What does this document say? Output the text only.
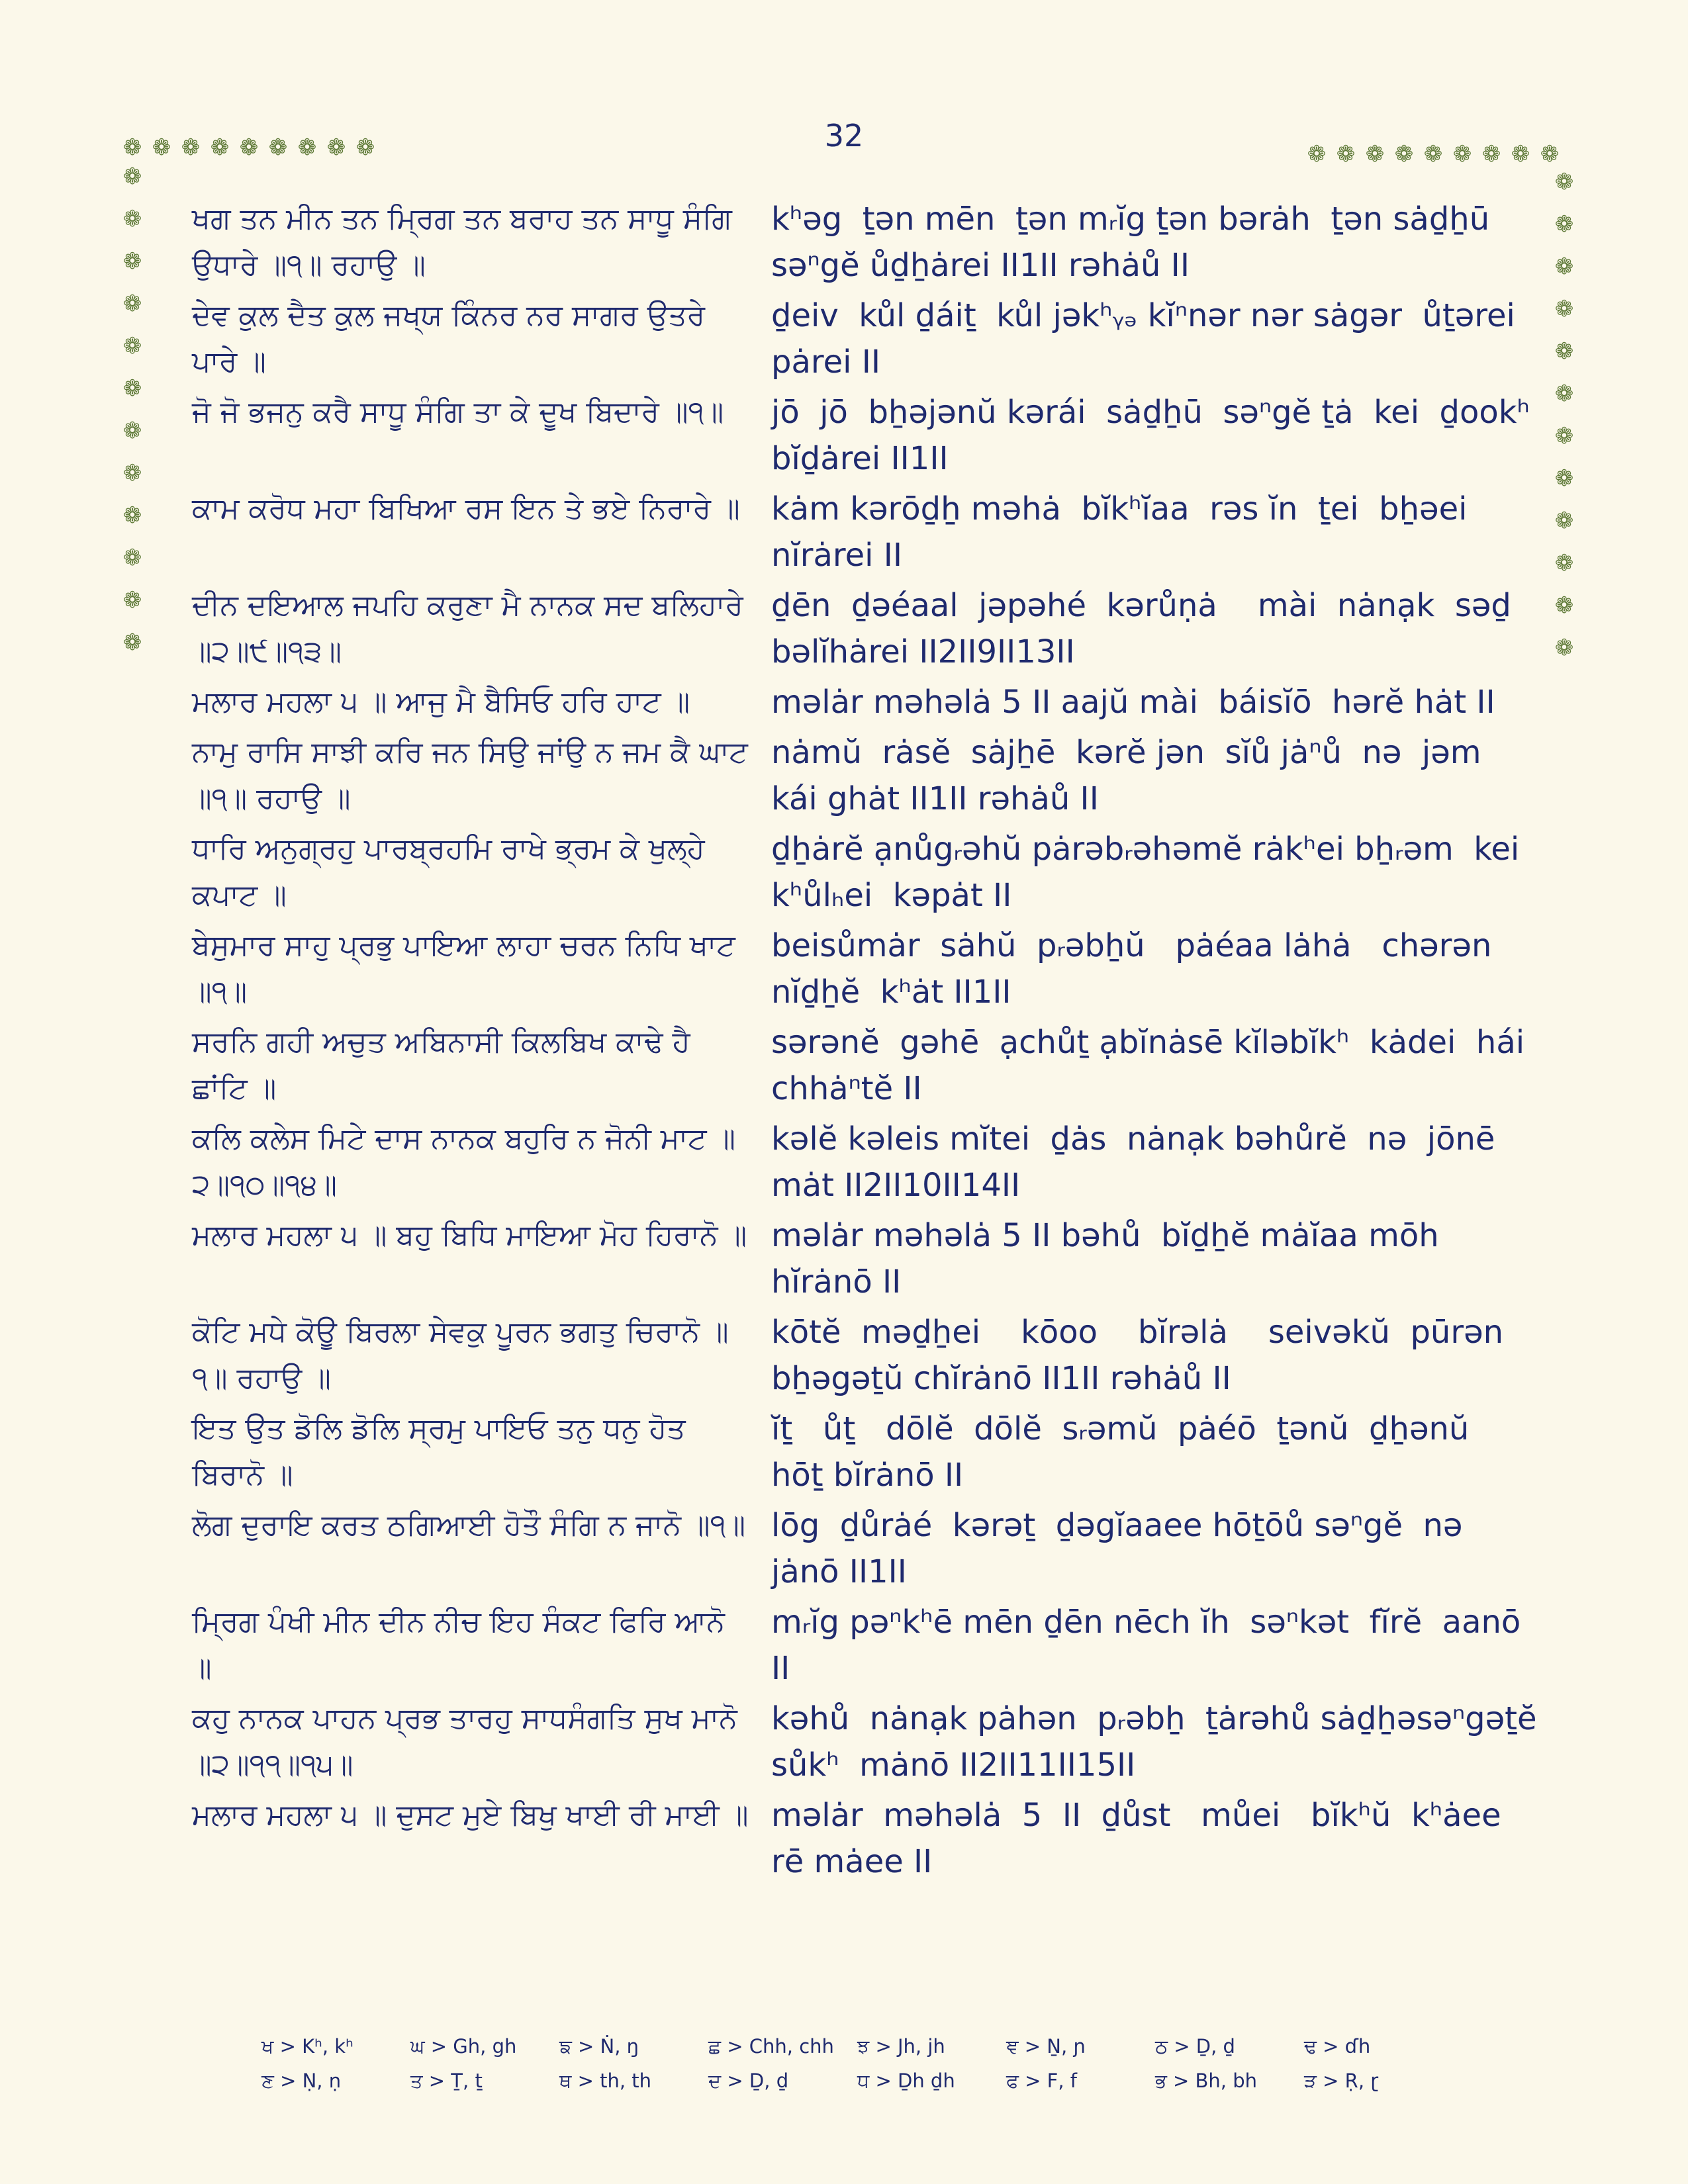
32
❁ ❁ ❁ ❁ ❁ ❁ ❁ ❁ ❁
❁
❁
❁
❁
❁
❁
❁
❁
❁
❁
❁
❁
❁ ❁ ❁ ❁ ❁ ❁ ❁ ❁ ❁
❁
❁
❁
❁
❁
❁
❁
❁
❁
❁
❁
❁
ਖਗ ਤਨ ਮੀਨ ਤਨ ਮ੍ਰਿਗ ਤਨ ਬਰਾਹ ਤਨ ਸਾਧੂ ਸੰਗਿ ਉਧਾਰੇ ॥੧॥ ਰਹਾਉ ॥
kʰəg  ṯən mēn  ṯən mᵣĭg ṯən bərȧh  ṯən sȧḏẖū səⁿgĕ ůḏẖȧrei II1II rəhȧů II
ਦੇਵ ਕੁਲ ਦੈਤ ਕੁਲ ਜਖ੍ਯ ਕਿੰਨਰ ਨਰ ਸਾਗਰ ਉਤਰੇ ਪਾਰੇ ॥
ḏeiv  kůl ḏáiṯ  kůl jəkʰᵧₔ kĭⁿnər nər sȧgər  ůṯərei pȧrei II
ਜੋ ਜੋ ਭਜਨੁ ਕਰੈ ਸਾਧੂ ਸੰਗਿ ਤਾ ਕੇ ਦੂਖ ਬਿਦਾਰੇ ॥੧॥	jō  jō  bẖəjənŭ kərái  sȧḏẖū  səⁿgĕ ṯȧ  kei  ḏookʰ bĭḏȧrei II1II
ਕਾਮ ਕਰੋਧ ਮਹਾ ਬਿਖਿਆ ਰਸ ਇਨ ਤੇ ਭਏ ਨਿਰਾਰੇ ॥ kȧm kərōḏẖ məhȧ  bĭkʰĭaa  rəs ĭn  ṯei  bẖəei nĭrȧrei II
ਦੀਨ ਦਇਆਲ ਜਪਹਿ ਕਰੁਣਾ ਮੈ ਨਾਨਕ ਸਦ ਬਲਿਹਾਰੇ ॥੨॥੯॥੧੩॥
ḏēn  ḏəéaal  jəpəhé  kərůṇȧ    mài  nȧnạk  səḏ bəlĭhȧrei II2II9II13II
ਮਲਾਰ ਮਹਲਾ ੫ ॥ ਆਜੁ ਮੈ ਬੈਸਿਓ ਹਰਿ ਹਾਟ ॥	məlȧr məhəlȧ 5 II aajŭ mài  báisĭō  hərĕ hȧt II
ਨਾਮੁ ਰਾਸਿ ਸਾਝੀ ਕਰਿ ਜਨ ਸਿਉ ਜਾਂਉ ਨ ਜਮ ਕੈ ਘਾਟ ॥੧॥ ਰਹਾਉ ॥
nȧmŭ  rȧsĕ  sȧjẖē  kərĕ jən  sĭů jȧⁿů  nə  jəm  kái ghȧt II1II rəhȧů II
ਧਾਰਿ ਅਨੁਗ੍ਰਹੁ ਪਾਰਬ੍ਰਹਮਿ ਰਾਖੇ ਭ੍ਰਮ ਕੇ ਖੁਲ੍ਹੇ ਕਪਾਟ ॥
ḏẖȧrĕ ạnůgᵣəhŭ pȧrəbᵣəhəmĕ rȧkʰei bẖᵣəm  kei kʰůlₕei  kəpȧt II
ਬੇਸੁਮਾਰ ਸਾਹੁ ਪ੍ਰਭੁ ਪਾਇਆ ਲਾਹਾ ਚਰਨ ਨਿਧਿ ਖਾਟ ॥੧॥
beisůmȧr  sȧhŭ  pᵣəbẖŭ   pȧéaa lȧhȧ   chərən nĭḏẖĕ  kʰȧt II1II
ਸਰਨਿ ਗਹੀ ਅਚੁਤ ਅਬਿਨਾਸੀ ਕਿਲਬਿਖ ਕਾਢੇ ਹੈ ਛਾਂਟਿ ॥
sərənĕ  gəhē  ạchůṯ ạbĭnȧsē kĭləbĭkʰ  kȧdei  hái chhȧⁿtĕ II
ਕਲਿ ਕਲੇਸ ਮਿਟੇ ਦਾਸ ਨਾਨਕ ਬਹੁਰਿ ਨ ਜੋਨੀ ਮਾਟ ॥੨॥੧੦॥੧੪॥
kəlĕ kəleis mĭtei  ḏȧs  nȧnạk bəhůrĕ  nə  jōnē  mȧt II2II10II14II
ਮਲਾਰ ਮਹਲਾ ੫ ॥ ਬਹੁ ਬਿਧਿ ਮਾਇਆ ਮੋਹ ਹਿਰਾਨੋ ॥ məlȧr məhəlȧ 5 II bəhů  bĭḏẖĕ mȧĭaa mōh hĭrȧnō II
ਕੋਟਿ ਮਧੇ ਕੋਊ ਬਿਰਲਾ ਸੇਵਕੁ ਪੂਰਨ ਭਗਤੁ ਚਿਰਾਨੋ ॥੧॥ ਰਹਾਉ ॥
kōtĕ  məḏẖei    kōoo    bĭrəlȧ    seivəkŭ  pūrən bẖəgəṯŭ chĭrȧnō II1II rəhȧů II
ਇਤ ਉਤ ਡੋਲਿ ਡੋਲਿ ਸ੍ਰਮੁ ਪਾਇਓ ਤਨੁ ਧਨੁ ਹੋਤ ਬਿਰਾਨੋ ॥
ĭṯ   ůṯ   dōlĕ  dōlĕ  sᵣəmŭ  pȧéō  ṯənŭ  ḏẖənŭ  hōṯ bĭrȧnō II
ਲੋਗ ਦੁਰਾਇ ਕਰਤ ਠਗਿਆਈ ਹੋਤੌ ਸੰਗਿ ਨ ਜਾਨੋ ॥੧॥ lōg  ḏůrȧé  kərəṯ  ḏəgĭaaee hōṯōů səⁿgĕ  nə jȧnō II1II
ਮ੍ਰਿਗ ਪੰਖੀ ਮੀਨ ਦੀਨ ਨੀਚ ਇਹ ਸੰਕਟ ਫਿਰਿ ਆਨੋ ॥
mᵣĭg pəⁿkʰē mēn ḏēn nēch ĭh  səⁿkət  fĭrĕ  aanō II
ਕਹੁ ਨਾਨਕ ਪਾਹਨ ਪ੍ਰਭ ਤਾਰਹੁ ਸਾਧਸੰਗਤਿ ਸੁਖ ਮਾਨੋ ॥੨॥੧੧॥੧੫॥
kəhů  nȧnạk pȧhən  pᵣəbẖ  ṯȧrəhů sȧḏẖəsəⁿgəṯĕ sůkʰ  mȧnō II2II11II15II
ਮਲਾਰ ਮਹਲਾ ੫ ॥ ਦੁਸਟ ਮੁਏ ਬਿਖੁ ਖਾਈ ਰੀ ਮਾਈ ॥ məlȧr  məhəlȧ  5  II  ḏůst   můei   bĭkʰŭ  kʰȧee  rē mȧee II
ਖ > Kʰ, kʰ	ਘ > Gh, gh	ਙ > Ṅ, ŋ	ਛ > Chh, chh	ਝ > Jh, jh	ਞ > Ṉ, ɲ	ਠ > Ḏ, ḏ	ਢ > ɗh
ਣ > Ṇ, ṇ	ਤ > Ṯ, ṯ	ਥ > th, th	ਦ > Ḏ, ḏ	ਧ > Ḏh ḏh	ਫ > F, f	ਭ > Bh, bh	ੜ > Ṛ, ɽ
